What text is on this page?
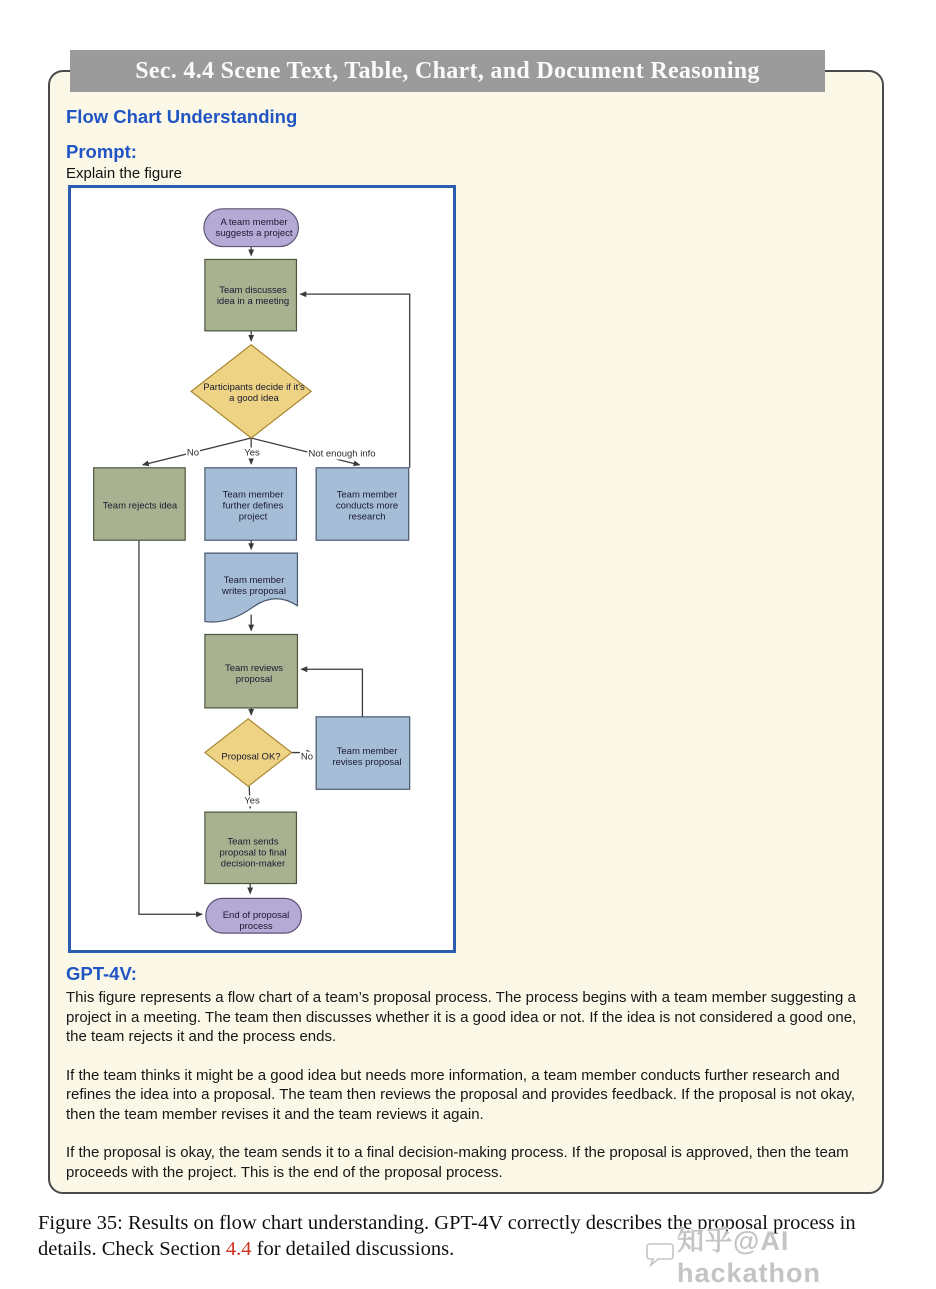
Sec. 4.4 Scene Text, Table, Chart, and Document Reasoning
Flow Chart Understanding
Prompt:

Explain the figure

A team member suggests a project
Team discusses idea in a meeting
Participants decide if it's a good idea
Team rejects idea
Team member further defines project
Team member conducts more research
Team member writes proposal
Team reviews proposal
Proposal OK?
Team member revises proposal
Team sends proposal to final decision-maker
End of proposal process
No	Yes	Not enough info
No
Yes
GPT-4V:

This figure represents a flow chart of a team’s proposal process. The process begins with a team member suggesting a project in a meeting. The team then discusses whether it is a good idea or not. If the idea is not considered a good one, the team rejects it and the process ends.

If the team thinks it might be a good idea but needs more information, a team member conducts further research and refines the idea into a proposal. The team then reviews the proposal and provides feedback. If the proposal is not okay, then the team member revises it and the team reviews it again.

If the proposal is okay, the team sends it to a final decision-making process. If the proposal is approved, then the team proceeds with the project. This is the end of the proposal process.

Figure 35: Results on flow chart understanding. GPT-4V correctly describes the proposal process in
details. Check Section 4.4 for detailed discussions.	知乎@AI hackathon
